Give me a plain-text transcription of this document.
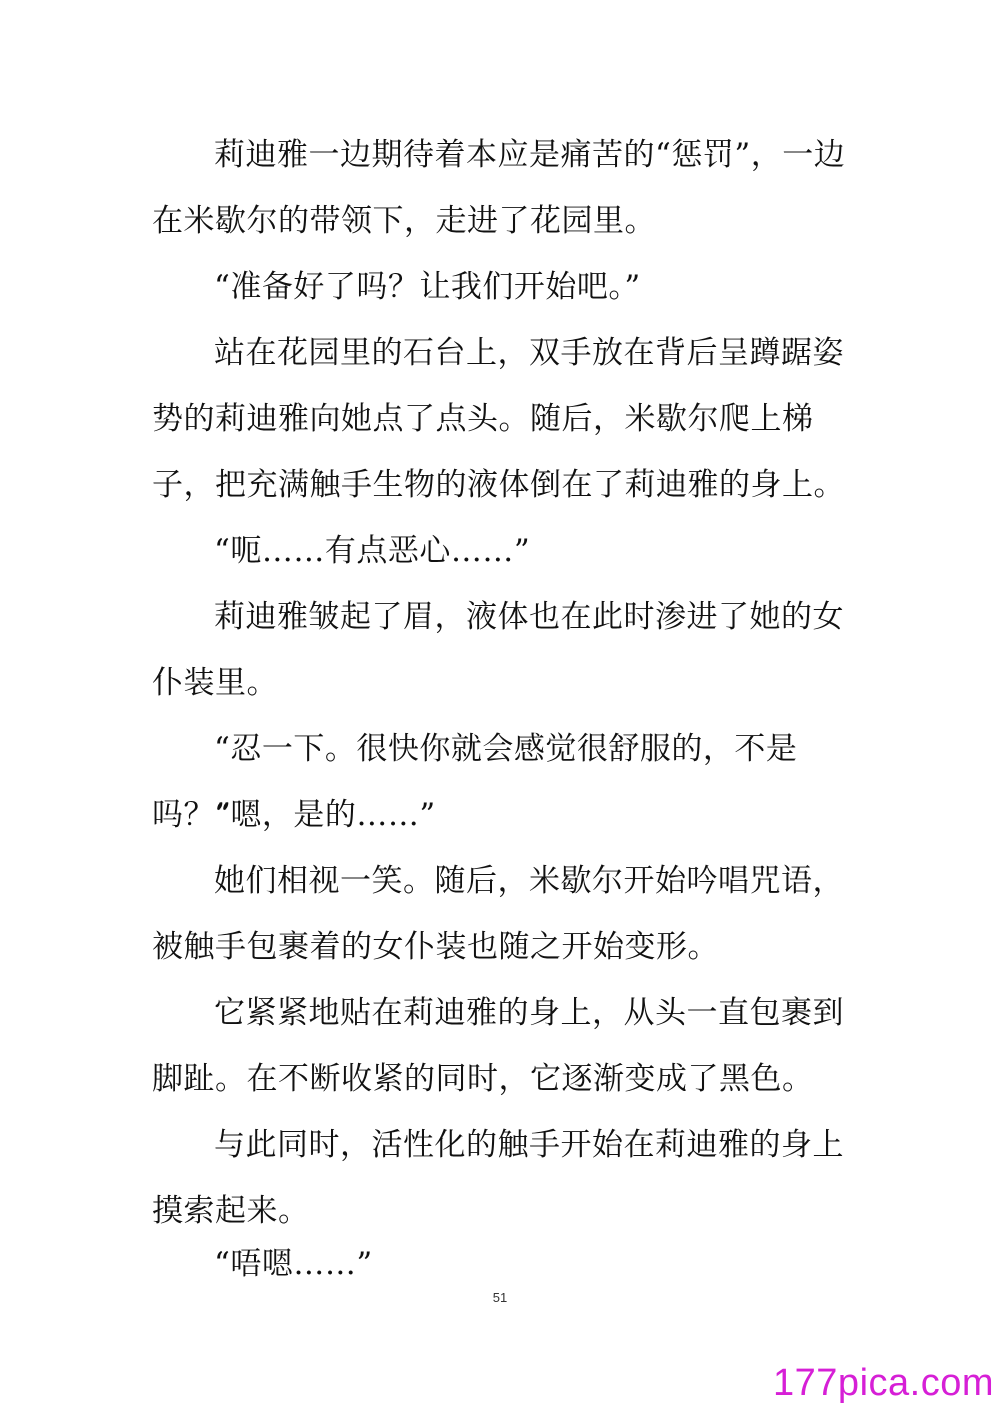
莉迪雅一边期待着本应是痛苦的“惩罚”，一边在米歇尔的带领下，走进了花园里。

“准备好了吗？让我们开始吧。”

站在花园里的石台上，双手放在背后呈蹲踞姿势的莉迪雅向她点了点头。随后，米歇尔爬上梯子，把充满触手生物的液体倒在了莉迪雅的身上。

“呃……有点恶心……”

莉迪雅皱起了眉，液体也在此时渗进了她的女仆装里。

“忍一下。很快你就会感觉很舒服的，不是吗？”

“嗯，是的……”

她们相视一笑。随后，米歇尔开始吟唱咒语，被触手包裹着的女仆装也随之开始变形。

它紧紧地贴在莉迪雅的身上，从头一直包裹到脚趾。在不断收紧的同时，它逐渐变成了黑色。

与此同时，活性化的触手开始在莉迪雅的身上摸索起来。

“唔嗯……”

51
177pica.com
